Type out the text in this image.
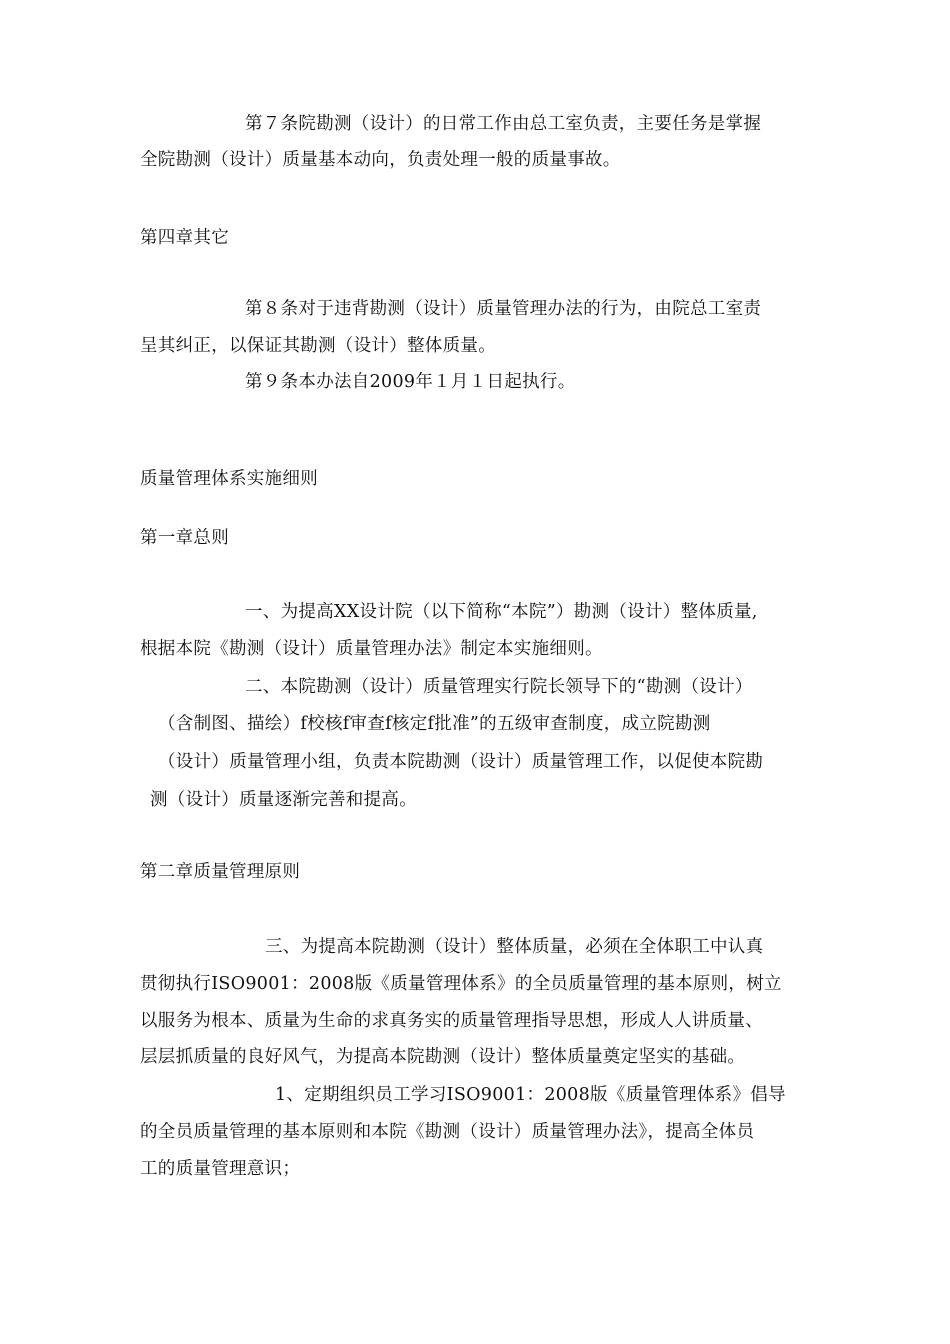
第７条院勘测（设计）的日常工作由总工室负责，主要任务是掌握
全院勘测（设计）质量基本动向，负责处理一般的质量事故。
第四章其它
第８条对于违背勘测（设计）质量管理办法的行为，由院总工室责
呈其纠正，以保证其勘测（设计）整体质量。
第９条本办法自2009年１月１日起执行。
质量管理体系实施细则
第一章总则
一、为提高XX设计院（以下简称“本院”）勘测（设计）整体质量,
根据本院《勘测（设计）质量管理办法》制定本实施细则。
二、本院勘测（设计）质量管理实行院长领导下的“勘测（设计）
（含制图、描绘）f校核f审查f核定f批准”的五级审查制度，成立院勘测
（设计）质量管理小组，负责本院勘测（设计）质量管理工作，以促使本院勘
测（设计）质量逐渐完善和提高。
第二章质量管理原则
三、为提高本院勘测（设计）整体质量，必须在全体职工中认真
贯彻执行ISO9001：2008版《质量管理体系》的全员质量管理的基本原则，树立
以服务为根本、质量为生命的求真务实的质量管理指导思想，形成人人讲质量、
层层抓质量的良好风气，为提高本院勘测（设计）整体质量奠定坚实的基础。
1、定期组织员工学习ISO9001：2008版《质量管理体系》倡导
的全员质量管理的基本原则和本院《勘测（设计）质量管理办法》，提高全体员
工的质量管理意识；
